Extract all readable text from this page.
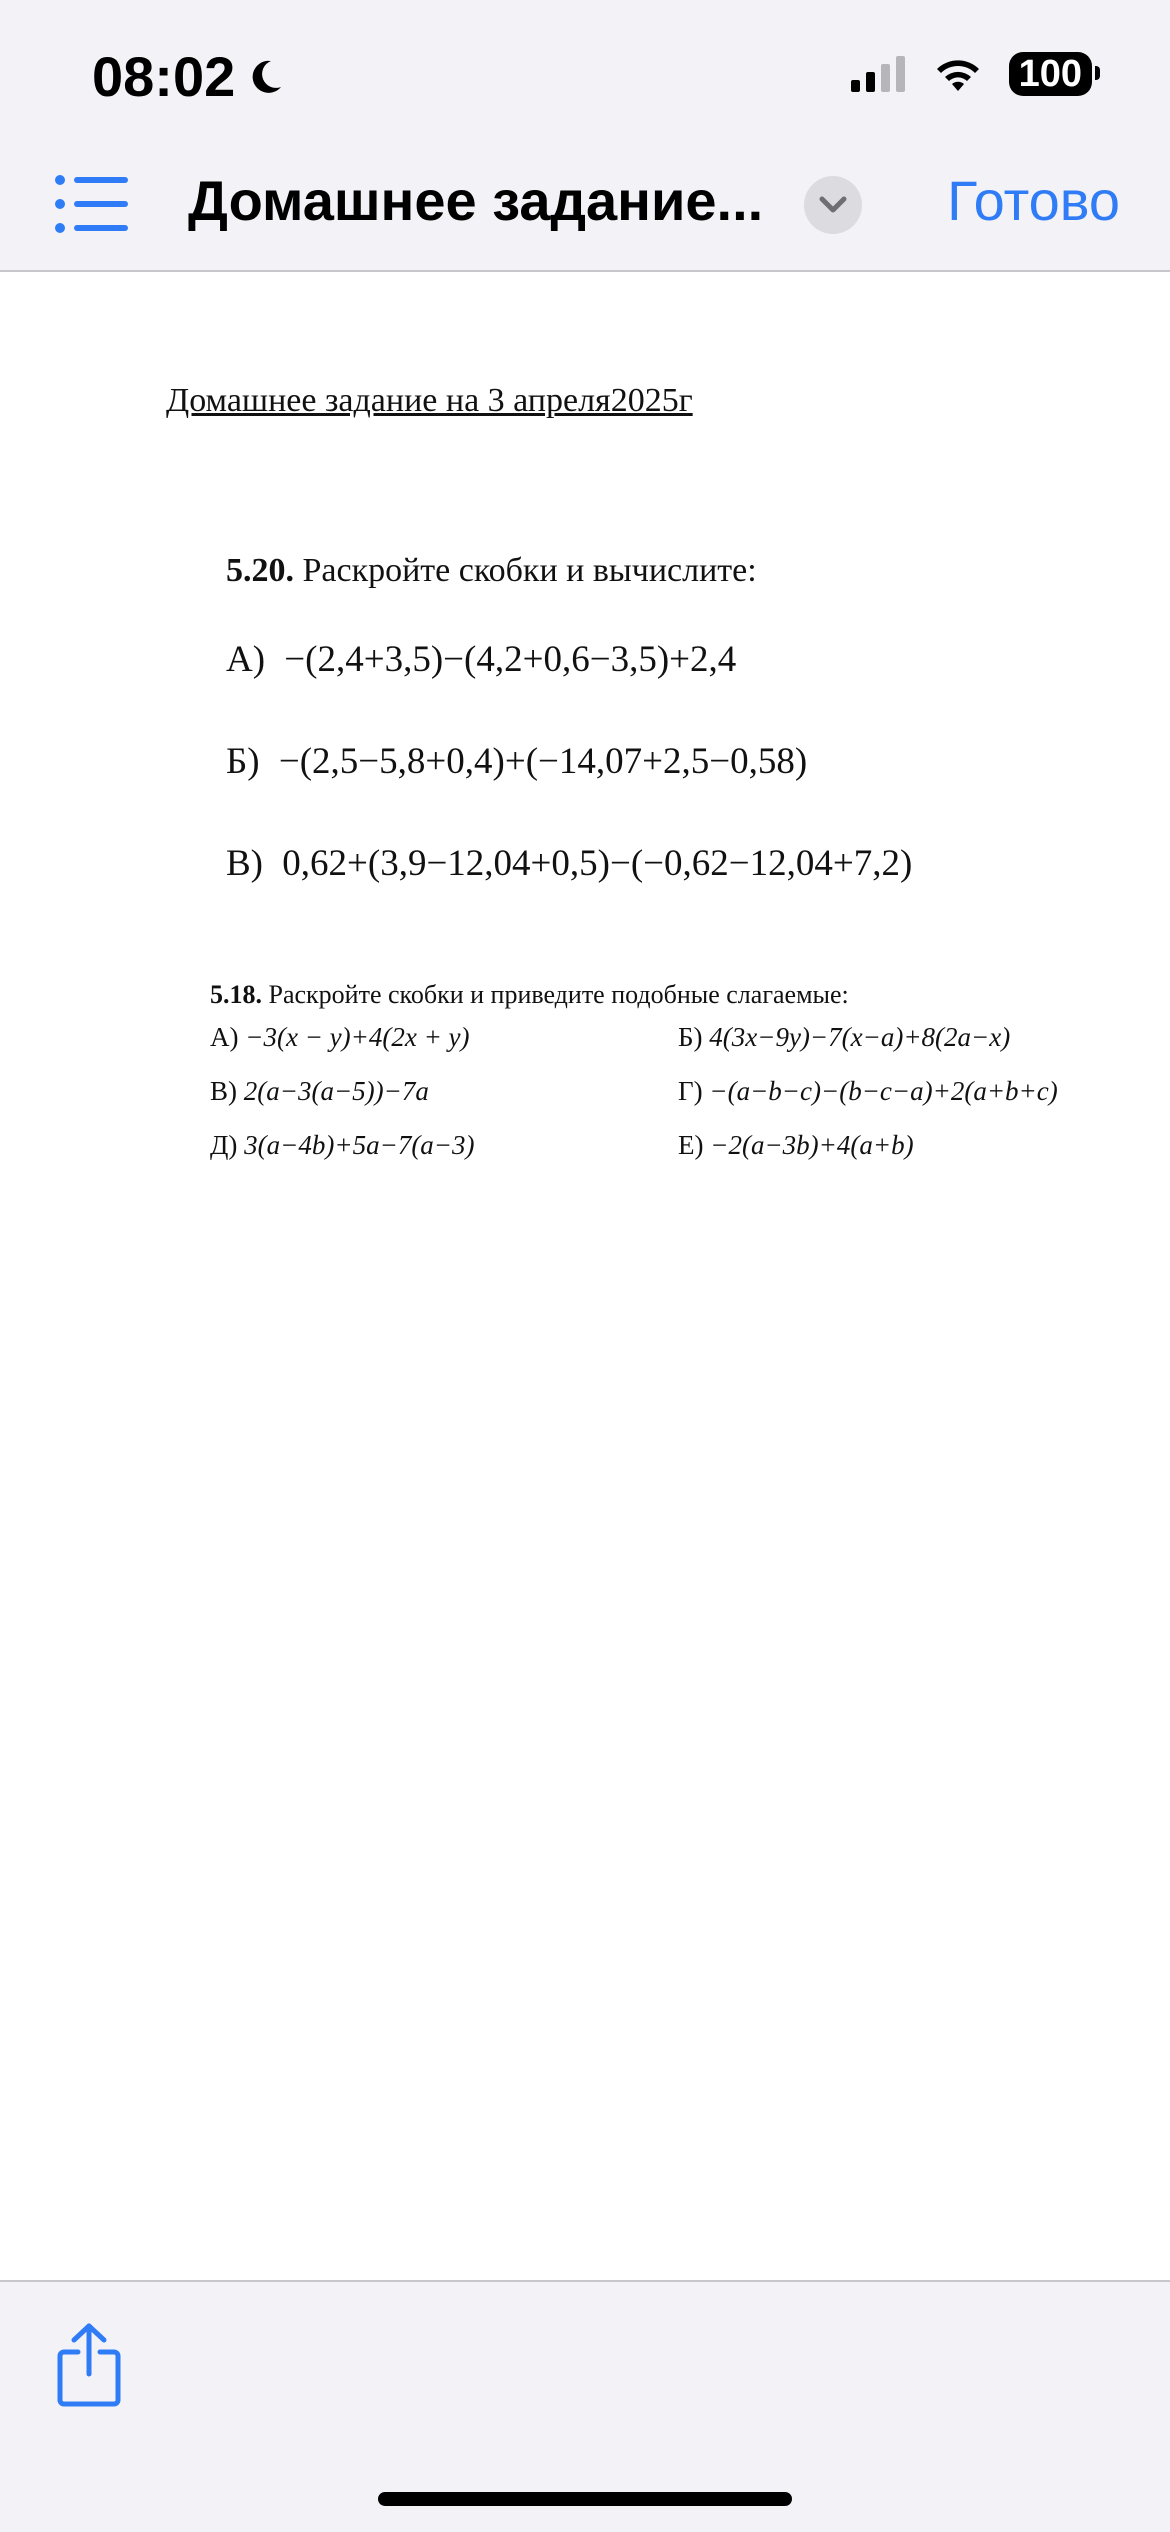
08:02	100
Домашнее задание...	Готово
Домашнее задание на 3 апреля2025г
5.20. Раскройте скобки и вычислите:
А) −(2,4+3,5)−(4,2+0,6−3,5)+2,4
Б) −(2,5−5,8+0,4)+(−14,07+2,5−0,58)
В) 0,62+(3,9−12,04+0,5)−(−0,62−12,04+7,2)
5.18. Раскройте скобки и приведите подобные слагаемые:
А) −3(x − y)+4(2x + y)	Б) 4(3x−9y)−7(x−a)+8(2a−x)
В) 2(a−3(a−5))−7a	Г) −(a−b−c)−(b−c−a)+2(a+b+c)
Д) 3(a−4b)+5a−7(a−3)	Е) −2(a−3b)+4(a+b)
